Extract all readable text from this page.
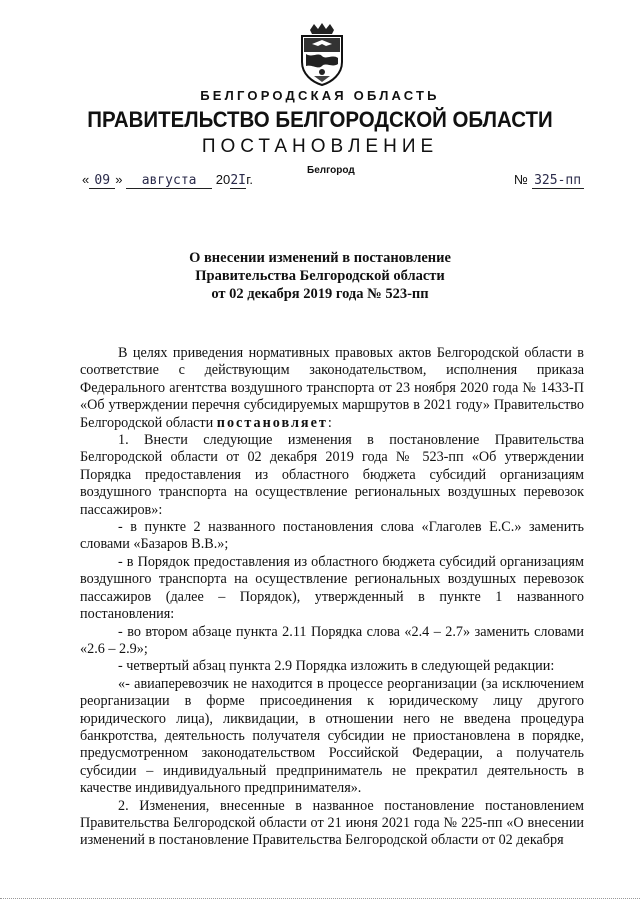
БЕЛГОРОДСКАЯ ОБЛАСТЬ
ПРАВИТЕЛЬСТВО БЕЛГОРОДСКОЙ ОБЛАСТИ
ПОСТАНОВЛЕНИЕ
Белгород
« 09 » августа 202Iг.	№ 325-пп
О внесении изменений в постановление
Правительства Белгородской области
от 02 декабря 2019 года № 523-пп

В целях приведения нормативных правовых актов Белгородской области в соответствие с действующим законодательством, исполнения приказа Федерального агентства воздушного транспорта от 23 ноября 2020 года № 1433-П «Об утверждении перечня субсидируемых маршрутов в 2021 году» Правительство Белгородской области постановляет:

1. Внести следующие изменения в постановление Правительства Белгородской области от 02 декабря 2019 года № 523-пп «Об утверждении Порядка предоставления из областного бюджета субсидий организациям воздушного транспорта на осуществление региональных воздушных перевозок пассажиров»:

- в пункте 2 названного постановления слова «Глаголев Е.С.» заменить словами «Базаров В.В.»;

- в Порядок предоставления из областного бюджета субсидий организациям воздушного транспорта на осуществление региональных воздушных перевозок пассажиров (далее – Порядок), утвержденный в пункте 1 названного постановления:

- во втором абзаце пункта 2.11 Порядка слова «2.4 – 2.7» заменить словами «2.6 – 2.9»;

- четвертый абзац пункта 2.9 Порядка изложить в следующей редакции:

«- авиаперевозчик не находится в процессе реорганизации (за исключением реорганизации в форме присоединения к юридическому лицу другого юридического лица), ликвидации, в отношении него не введена процедура банкротства, деятельность получателя субсидии не приостановлена в порядке, предусмотренном законодательством Российской Федерации, а получатель субсидии – индивидуальный предприниматель не прекратил деятельность в качестве индивидуального предпринимателя».

2. Изменения, внесенные в названное постановление постановлением Правительства Белгородской области от 21 июня 2021 года № 225-пп «О внесении изменений в постановление Правительства Белгородской области от 02 декабря
